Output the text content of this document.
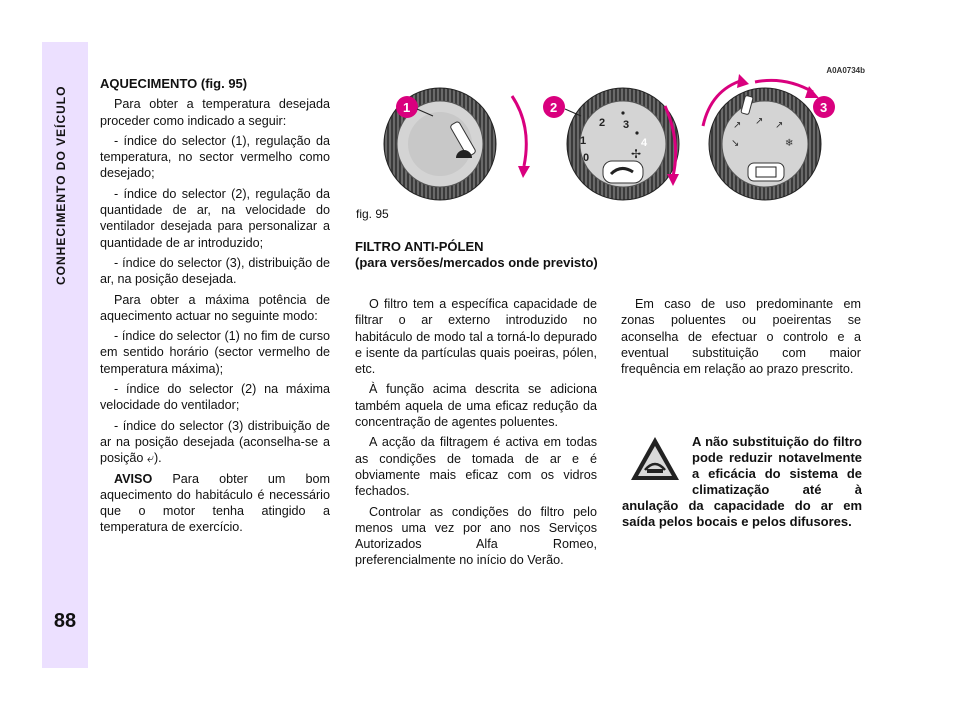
CONHECIMENTO DO VEÍCULO
88

AQUECIMENTO (fig. 95)

Para obter a temperatura desejada proceder como indicado a seguir:

- índice do selector (1), regulação da temperatura, no sector vermelho como desejado;

- índice do selector (2), regulação da quantidade de ar, na velocidade do ventilador desejada para personalizar a quantidade de ar introduzido;

- índice do selector (3), distribuição de ar, na posição desejada.

Para obter a máxima potência de aquecimento actuar no seguinte modo:

- índice do selector (1) no fim de curso em sentido horário (sector vermelho de temperatura máxima);

- índice do selector (2) na máxima velocidade do ventilador;

- índice do selector (3) distribuição de ar na posição desejada (aconselha-se a posição ⤶).

AVISO Para obter um bom aquecimento do habitáculo é necessário que o motor tenha atingido a temperatura de exercício.

A0A0734b
0
1
2 3
4
✢
↗ ↗ ↗
↘	❄
1	2	3
fig. 95
FILTRO ANTI-PÓLEN
(para versões/mercados onde previsto)

O filtro tem a específica capacidade de filtrar o ar externo introduzido no habitáculo de modo tal a torná-lo depurado e isente da partículas quais poeiras, pólen, etc.

À função acima descrita se adiciona também aquela de uma eficaz redução da concentração de agentes poluentes.

A acção da filtragem é activa em todas as condições de tomada de ar e é obviamente mais eficaz com os vidros fechados.

Controlar as condições do filtro pelo menos uma vez por ano nos Serviços Autorizados Alfa Romeo, preferencialmente no início do Verão.

Em caso de uso predominante em zonas poluentes ou poeirentas se aconselha de efectuar o controlo e a eventual substituição com maior frequência em relação ao prazo prescrito.

A não substituição do filtro pode reduzir notavelmente a eficácia do sistema de climatização até à anulação da capacidade do ar em saída pelos bocais e pelos difusores.
